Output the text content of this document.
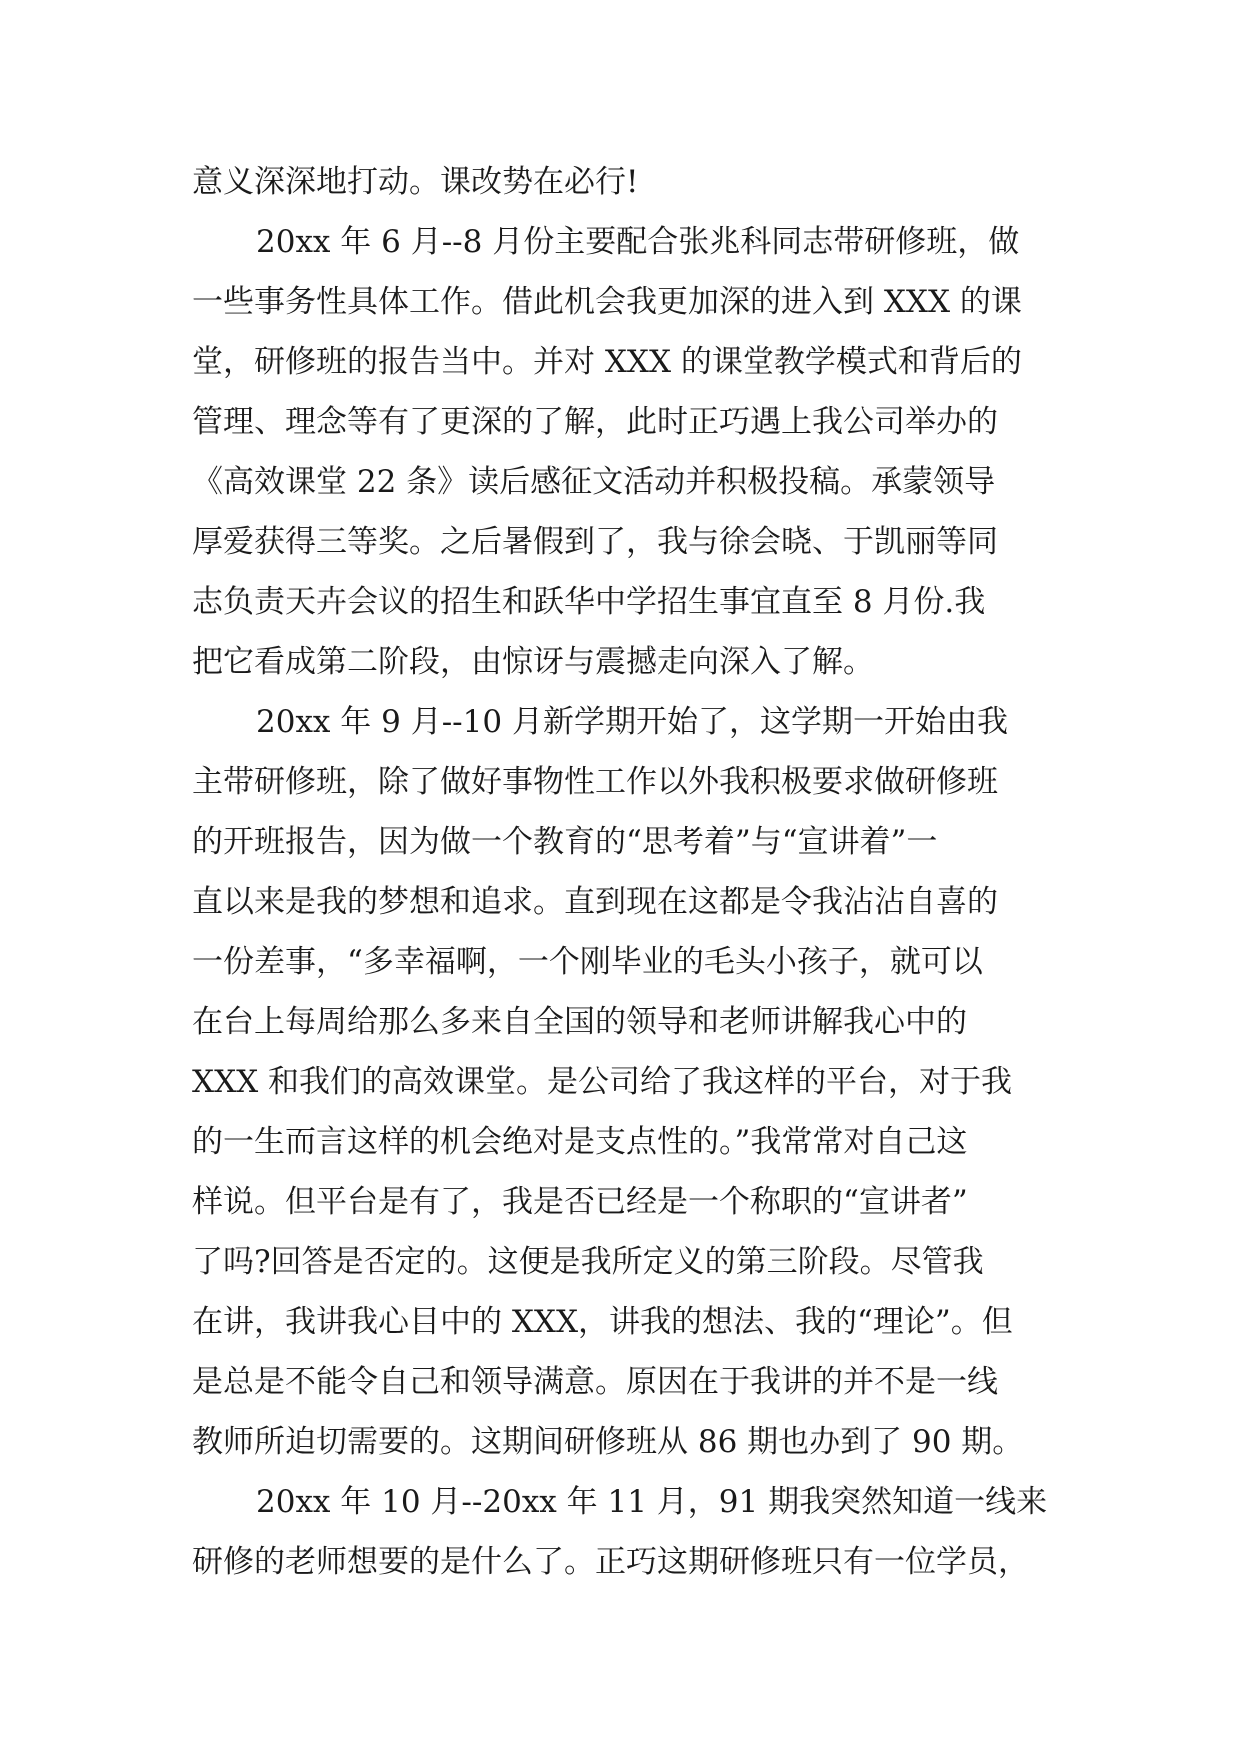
意义深深地打动。课改势在必行!
20xx 年 6 月--8 月份主要配合张兆科同志带研修班，做
一些事务性具体工作。借此机会我更加深的进入到 XXX 的课
堂，研修班的报告当中。并对 XXX 的课堂教学模式和背后的
管理、理念等有了更深的了解，此时正巧遇上我公司举办的
《高效课堂 22 条》读后感征文活动并积极投稿。承蒙领导
厚爱获得三等奖。之后暑假到了，我与徐会晓、于凯丽等同
志负责天卉会议的招生和跃华中学招生事宜直至 8 月份.我
把它看成第二阶段，由惊讶与震撼走向深入了解。
20xx 年 9 月--10 月新学期开始了，这学期一开始由我
主带研修班，除了做好事物性工作以外我积极要求做研修班
的开班报告，因为做一个教育的“思考着”与“宣讲着”一
直以来是我的梦想和追求。直到现在这都是令我沾沾自喜的
一份差事，“多幸福啊，一个刚毕业的毛头小孩子，就可以
在台上每周给那么多来自全国的领导和老师讲解我心中的
XXX 和我们的高效课堂。是公司给了我这样的平台，对于我
的一生而言这样的机会绝对是支点性的。”我常常对自己这
样说。但平台是有了，我是否已经是一个称职的“宣讲者”
了吗?回答是否定的。这便是我所定义的第三阶段。尽管我
在讲，我讲我心目中的 XXX，讲我的想法、我的“理论”。但
是总是不能令自己和领导满意。原因在于我讲的并不是一线
教师所迫切需要的。这期间研修班从 86 期也办到了 90 期。
20xx 年 10 月--20xx 年 11 月，91 期我突然知道一线来
研修的老师想要的是什么了。正巧这期研修班只有一位学员，
